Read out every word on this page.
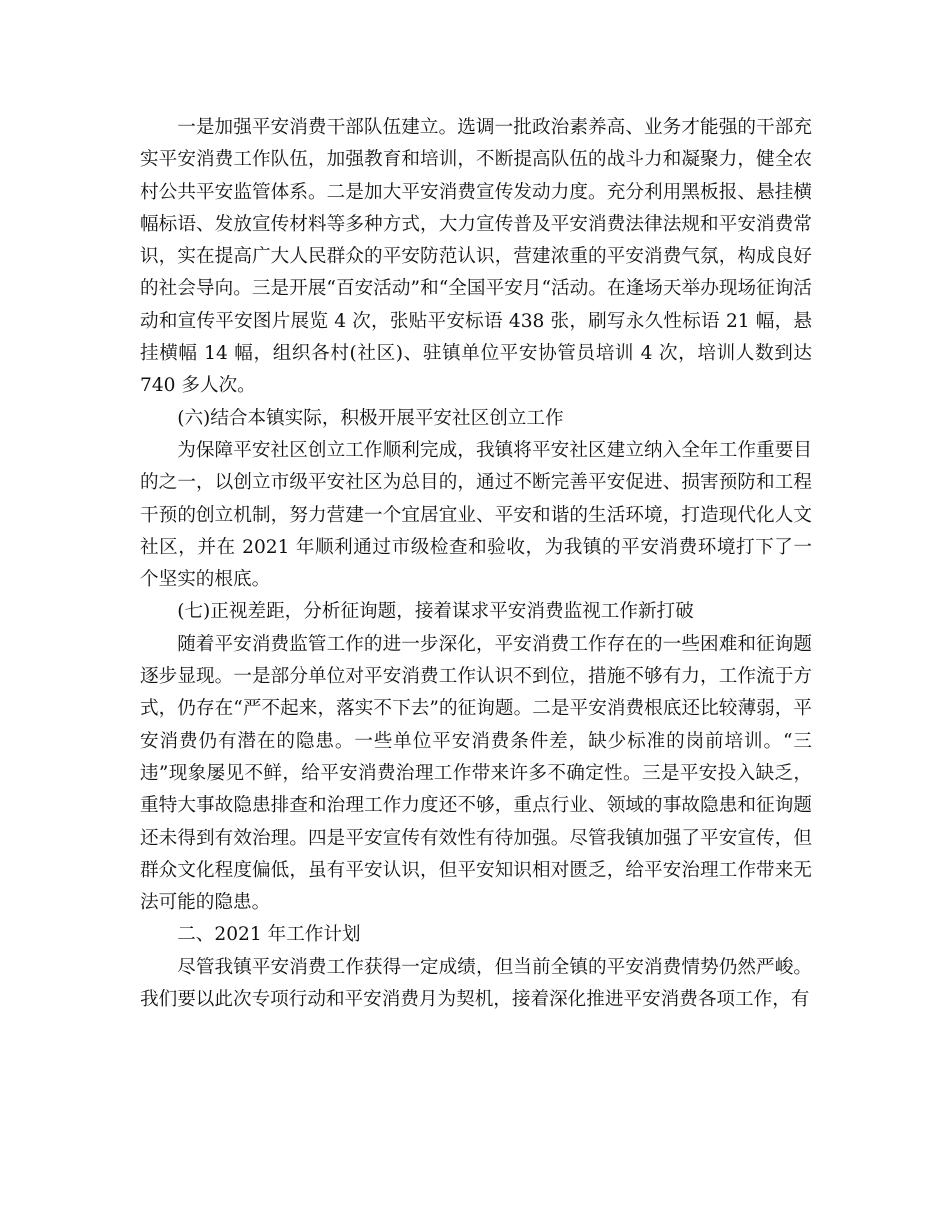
一是加强平安消费干部队伍建立。选调一批政治素养高、业务才能强的干部充实平安消费工作队伍，加强教育和培训，不断提高队伍的战斗力和凝聚力，健全农村公共平安监管体系。二是加大平安消费宣传发动力度。充分利用黑板报、悬挂横幅标语、发放宣传材料等多种方式，大力宣传普及平安消费法律法规和平安消费常识，实在提高广大人民群众的平安防范认识，营建浓重的平安消费气氛，构成良好的社会导向。三是开展“百安活动”和“全国平安月“活动。在逢场天举办现场征询活动和宣传平安图片展览 4 次，张贴平安标语 438 张，刷写永久性标语 21 幅，悬挂横幅 14 幅，组织各村(社区)、驻镇单位平安协管员培训 4 次，培训人数到达 740 多人次。

(六)结合本镇实际，积极开展平安社区创立工作

为保障平安社区创立工作顺利完成，我镇将平安社区建立纳入全年工作重要目的之一，以创立市级平安社区为总目的，通过不断完善平安促进、损害预防和工程干预的创立机制，努力营建一个宜居宜业、平安和谐的生活环境，打造现代化人文社区，并在 2021 年顺利通过市级检查和验收，为我镇的平安消费环境打下了一个坚实的根底。

(七)正视差距，分析征询题，接着谋求平安消费监视工作新打破

随着平安消费监管工作的进一步深化，平安消费工作存在的一些困难和征询题逐步显现。一是部分单位对平安消费工作认识不到位，措施不够有力，工作流于方式，仍存在“严不起来，落实不下去”的征询题。二是平安消费根底还比较薄弱，平安消费仍有潜在的隐患。一些单位平安消费条件差，缺少标准的岗前培训。“三违”现象屡见不鲜，给平安消费治理工作带来许多不确定性。三是平安投入缺乏，重特大事故隐患排查和治理工作力度还不够，重点行业、领域的事故隐患和征询题还未得到有效治理。四是平安宣传有效性有待加强。尽管我镇加强了平安宣传，但群众文化程度偏低，虽有平安认识，但平安知识相对匮乏，给平安治理工作带来无法可能的隐患。

二、2021 年工作计划

尽管我镇平安消费工作获得一定成绩，但当前全镇的平安消费情势仍然严峻。我们要以此次专项行动和平安消费月为契机，接着深化推进平安消费各项工作，有
